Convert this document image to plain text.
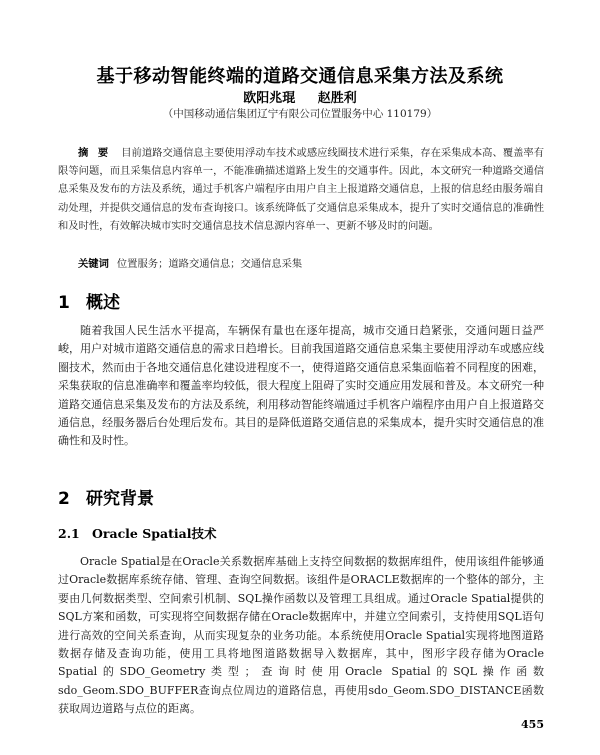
基于移动智能终端的道路交通信息采集方法及系统
欧阳兆琨 赵胜利
（中国移动通信集团辽宁有限公司位置服务中心 110179）
摘 要 目前道路交通信息主要使用浮动车技术或感应线圈技术进行采集，存在采集成本高、覆盖率有限等问题，而且采集信息内容单一，不能准确描述道路上发生的交通事件。因此，本文研究一种道路交通信息采集及发布的方法及系统，通过手机客户端程序由用户自主上报道路交通信息，上报的信息经由服务端自动处理，并提供交通信息的发布查询接口。该系统降低了交通信息采集成本，提升了实时交通信息的准确性和及时性，有效解决城市实时交通信息技术信息源内容单一、更新不够及时的问题。
关键词 位置服务；道路交通信息；交通信息采集
1 概述
随着我国人民生活水平提高，车辆保有量也在逐年提高，城市交通日趋紧张，交通问题日益严峻，用户对城市道路交通信息的需求日趋增长。目前我国道路交通信息采集主要使用浮动车或感应线圈技术，然而由于各地交通信息化建设进程度不一，使得道路交通信息采集面临着不同程度的困难，采集获取的信息准确率和覆盖率均较低，很大程度上阻碍了实时交通应用发展和普及。本文研究一种道路交通信息采集及发布的方法及系统，利用移动智能终端通过手机客户端程序由用户自上报道路交通信息，经服务器后台处理后发布。其目的是降低道路交通信息的采集成本，提升实时交通信息的准确性和及时性。
2 研究背景
2.1 Oracle Spatial技术
Oracle Spatial是在Oracle关系数据库基础上支持空间数据的数据库组件，使用该组件能够通过Oracle数据库系统存储、管理、查询空间数据。该组件是ORACLE数据库的一个整体的部分，主要由几何数据类型、空间索引机制、SQL操作函数以及管理工具组成。通过Oracle Spatial提供的SQL方案和函数，可实现将空间数据存储在Oracle数据库中，并建立空间索引，支持使用SQL语句进行高效的空间关系查询，从而实现复杂的业务功能。本系统使用Oracle Spatial实现将地图道路数据存储及查询功能，使用工具将地图道路数据导入数据库，其中，图形字段存储为Oracle Spatial的SDO_Geometry类型；查询时使用Oracle Spatial的SQL操作函数sdo_Geom.SDO_BUFFER查询点位周边的道路信息，再使用sdo_Geom.SDO_DISTANCE函数获取周边道路与点位的距离。
455
